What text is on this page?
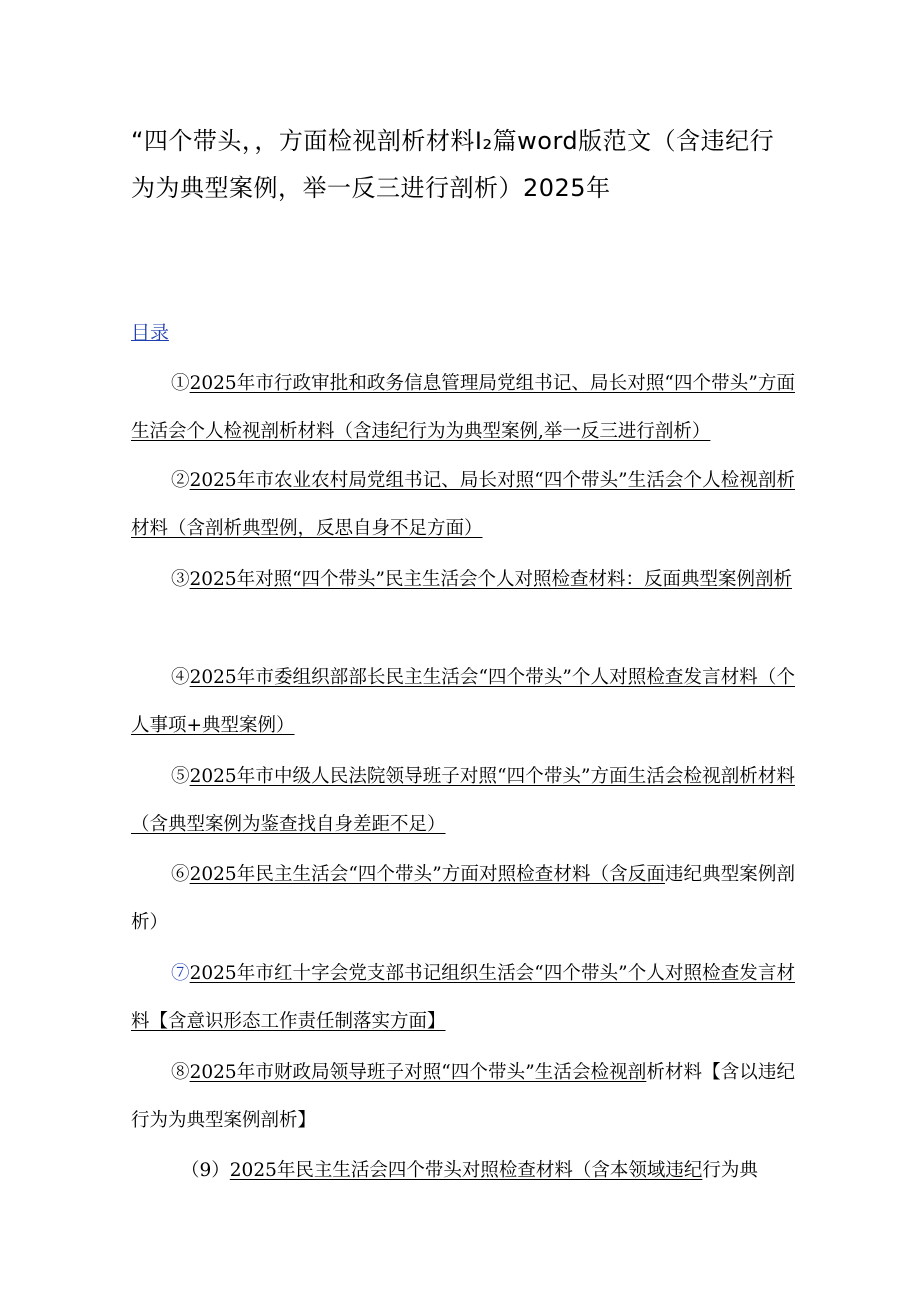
“四个带头，，方面检视剖析材料I₂篇word版范文（含违纪行为为典型案例，举一反三进行剖析）2025年
目录
①2025年市行政审批和政务信息管理局党组书记、局长对照“四个带头”方面生活会个人检视剖析材料（含违纪行为为典型案例,举一反三进行剖析）
②2025年市农业农村局党组书记、局长对照“四个带头”生活会个人检视剖析材料（含剖析典型例，反思自身不足方面）
③2025年对照“四个带头”民主生活会个人对照检查材料：反面典型案例剖析
④2025年市委组织部部长民主生活会“四个带头”个人对照检查发言材料（个人事项+典型案例）
⑤2025年市中级人民法院领导班子对照“四个带头”方面生活会检视剖析材料（含典型案例为鉴查找自身差距不足）
⑥2025年民主生活会“四个带头”方面对照检查材料（含反面违纪典型案例剖析）
⑦2025年市红十字会党支部书记组织生活会“四个带头”个人对照检查发言材料【含意识形态工作责任制落实方面】
⑧2025年市财政局领导班子对照“四个带头”生活会检视剖析材料【含以违纪行为为典型案例剖析】
（9）2025年民主生活会四个带头对照检查材料（含本领域违纪行为典
